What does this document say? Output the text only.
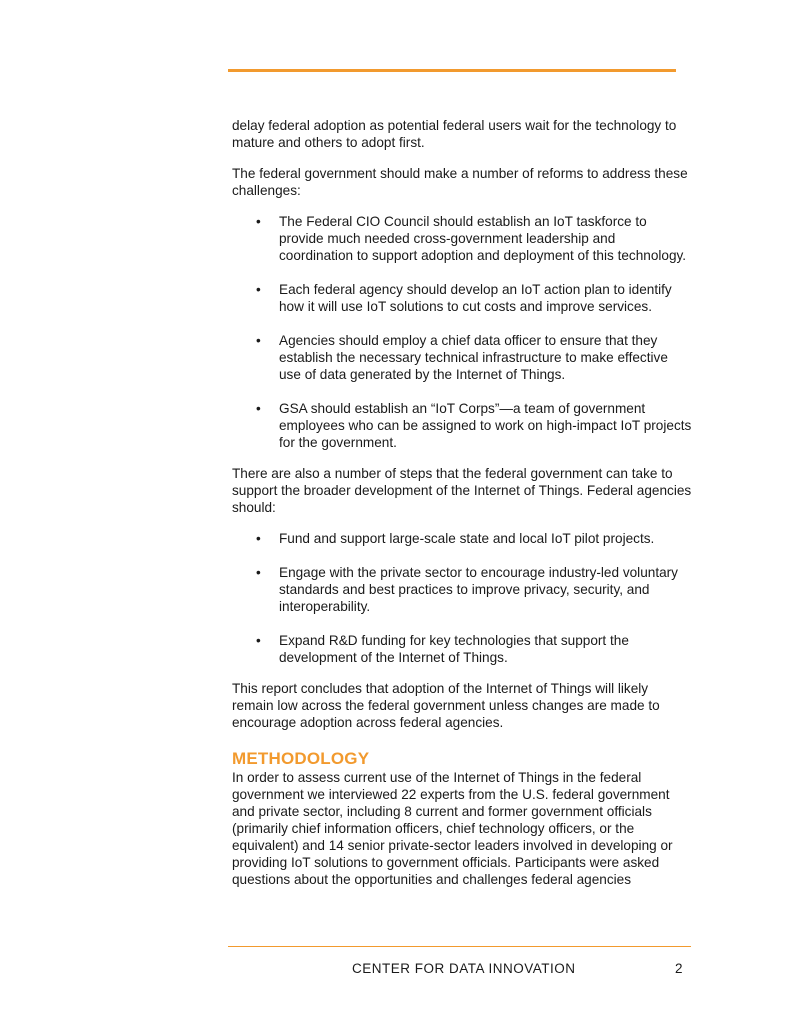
delay federal adoption as potential federal users wait for the technology to mature and others to adopt first.

The federal government should make a number of reforms to address these challenges:

• The Federal CIO Council should establish an IoT taskforce to provide much needed cross-government leadership and coordination to support adoption and deployment of this technology.
• Each federal agency should develop an IoT action plan to identify how it will use IoT solutions to cut costs and improve services.
• Agencies should employ a chief data officer to ensure that they establish the necessary technical infrastructure to make effective use of data generated by the Internet of Things.
• GSA should establish an “IoT Corps”—a team of government employees who can be assigned to work on high-impact IoT projects for the government.

There are also a number of steps that the federal government can take to support the broader development of the Internet of Things. Federal agencies should:

• Fund and support large-scale state and local IoT pilot projects.
• Engage with the private sector to encourage industry-led voluntary standards and best practices to improve privacy, security, and interoperability.
• Expand R&D funding for key technologies that support the development of the Internet of Things.

This report concludes that adoption of the Internet of Things will likely remain low across the federal government unless changes are made to encourage adoption across federal agencies.

METHODOLOGY

In order to assess current use of the Internet of Things in the federal government we interviewed 22 experts from the U.S. federal government and private sector, including 8 current and former government officials (primarily chief information officers, chief technology officers, or the equivalent) and 14 senior private-sector leaders involved in developing or providing IoT solutions to government officials. Participants were asked questions about the opportunities and challenges federal agencies

CENTER FOR DATA INNOVATION	2
